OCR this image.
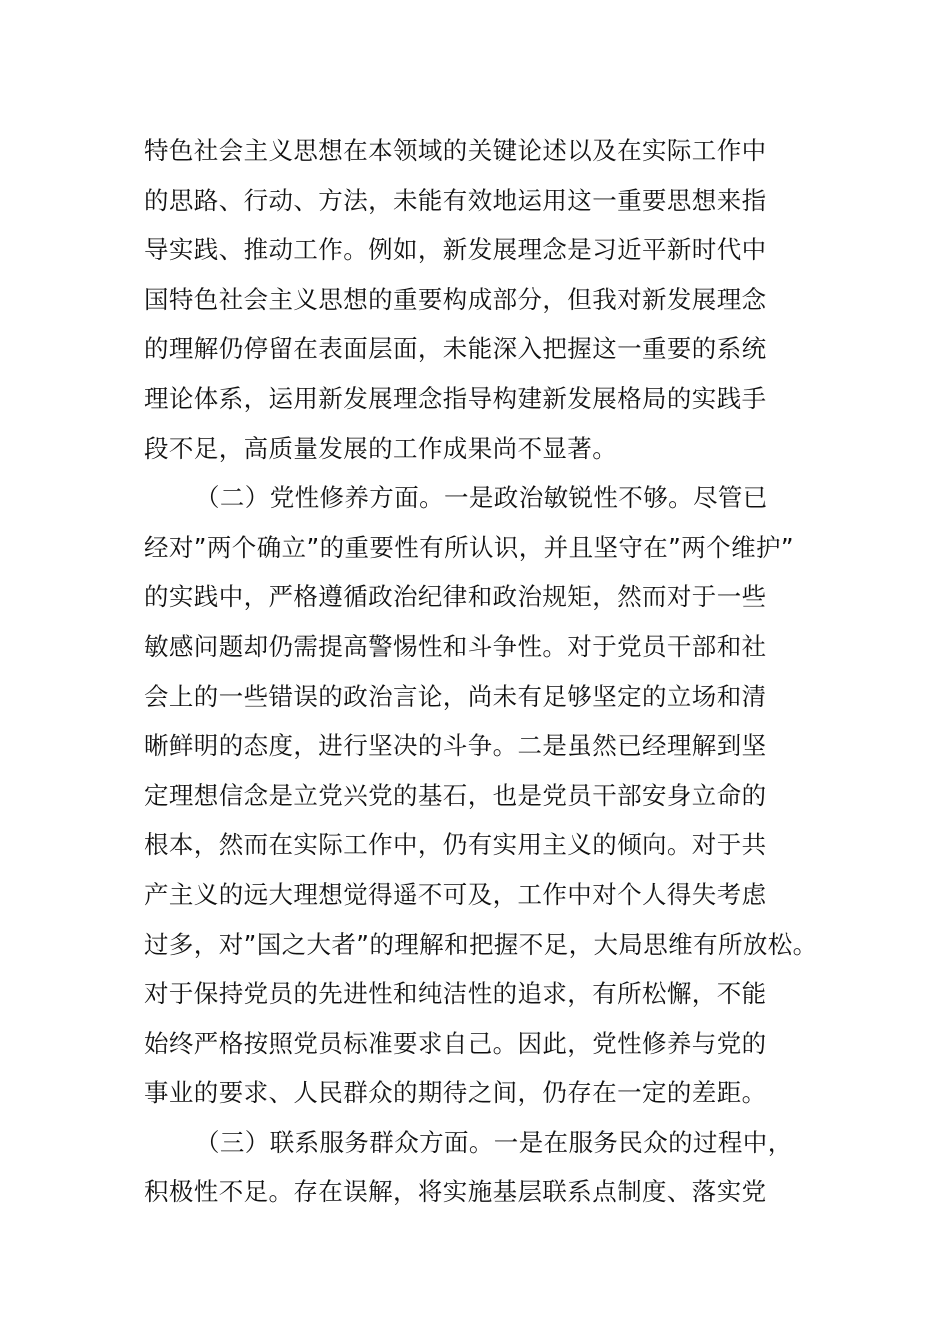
特色社会主义思想在本领域的关键论述以及在实际工作中
的思路、行动、方法，未能有效地运用这一重要思想来指
导实践、推动工作。例如，新发展理念是习近平新时代中
国特色社会主义思想的重要构成部分，但我对新发展理念
的理解仍停留在表面层面，未能深入把握这一重要的系统
理论体系，运用新发展理念指导构建新发展格局的实践手
段不足，高质量发展的工作成果尚不显著。
（二）党性修养方面。一是政治敏锐性不够。尽管已
经对”两个确立”的重要性有所认识，并且坚守在”两个维护”
的实践中，严格遵循政治纪律和政治规矩，然而对于一些
敏感问题却仍需提高警惕性和斗争性。对于党员干部和社
会上的一些错误的政治言论，尚未有足够坚定的立场和清
晰鲜明的态度，进行坚决的斗争。二是虽然已经理解到坚
定理想信念是立党兴党的基石，也是党员干部安身立命的
根本，然而在实际工作中，仍有实用主义的倾向。对于共
产主义的远大理想觉得遥不可及，工作中对个人得失考虑
过多，对”国之大者”的理解和把握不足，大局思维有所放松。
对于保持党员的先进性和纯洁性的追求，有所松懈，不能
始终严格按照党员标准要求自己。因此，党性修养与党的
事业的要求、人民群众的期待之间，仍存在一定的差距。
（三）联系服务群众方面。一是在服务民众的过程中，
积极性不足。存在误解，将实施基层联系点制度、落实党
